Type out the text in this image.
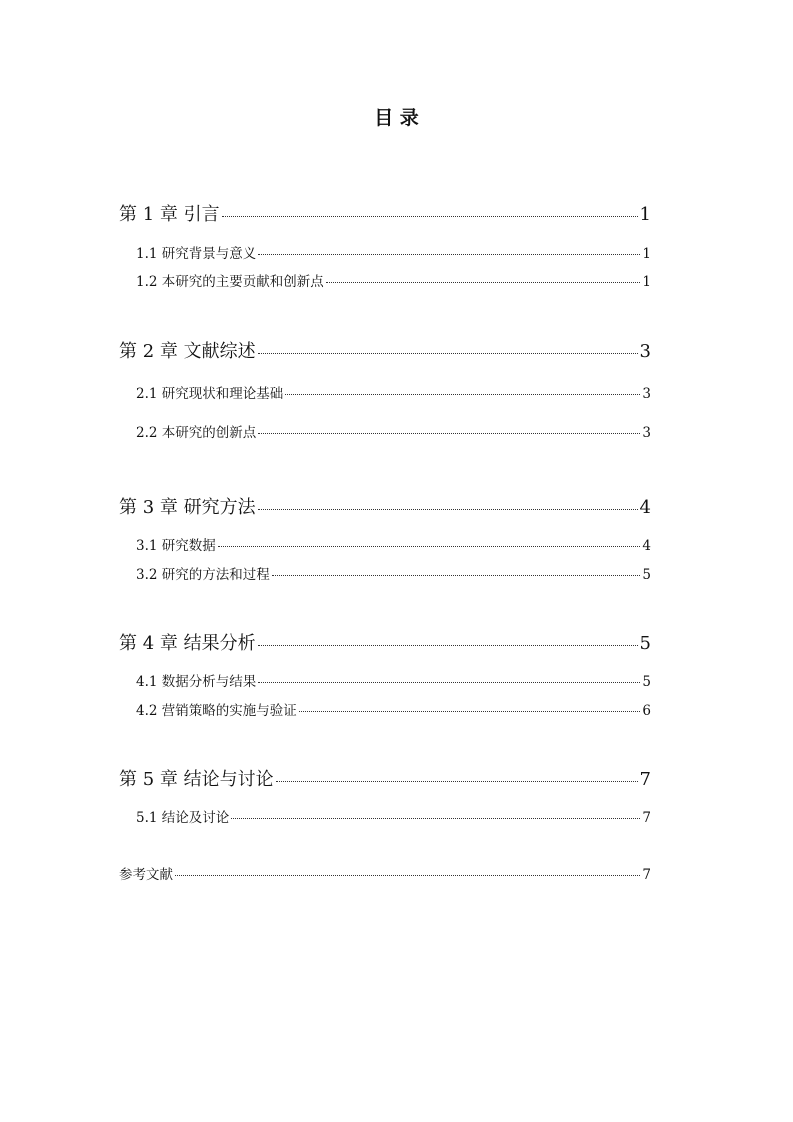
目 录
第 1 章 引言	1
1.1 研究背景与意义	1
1.2 本研究的主要贡献和创新点	1
第 2 章 文献综述	3
2.1 研究现状和理论基础	3
2.2 本研究的创新点	3
第 3 章 研究方法	4
3.1 研究数据	4
3.2 研究的方法和过程	5
第 4 章 结果分析	5
4.1 数据分析与结果	5
4.2 营销策略的实施与验证	6
第 5 章 结论与讨论	7
5.1 结论及讨论	7
参考文献	7
